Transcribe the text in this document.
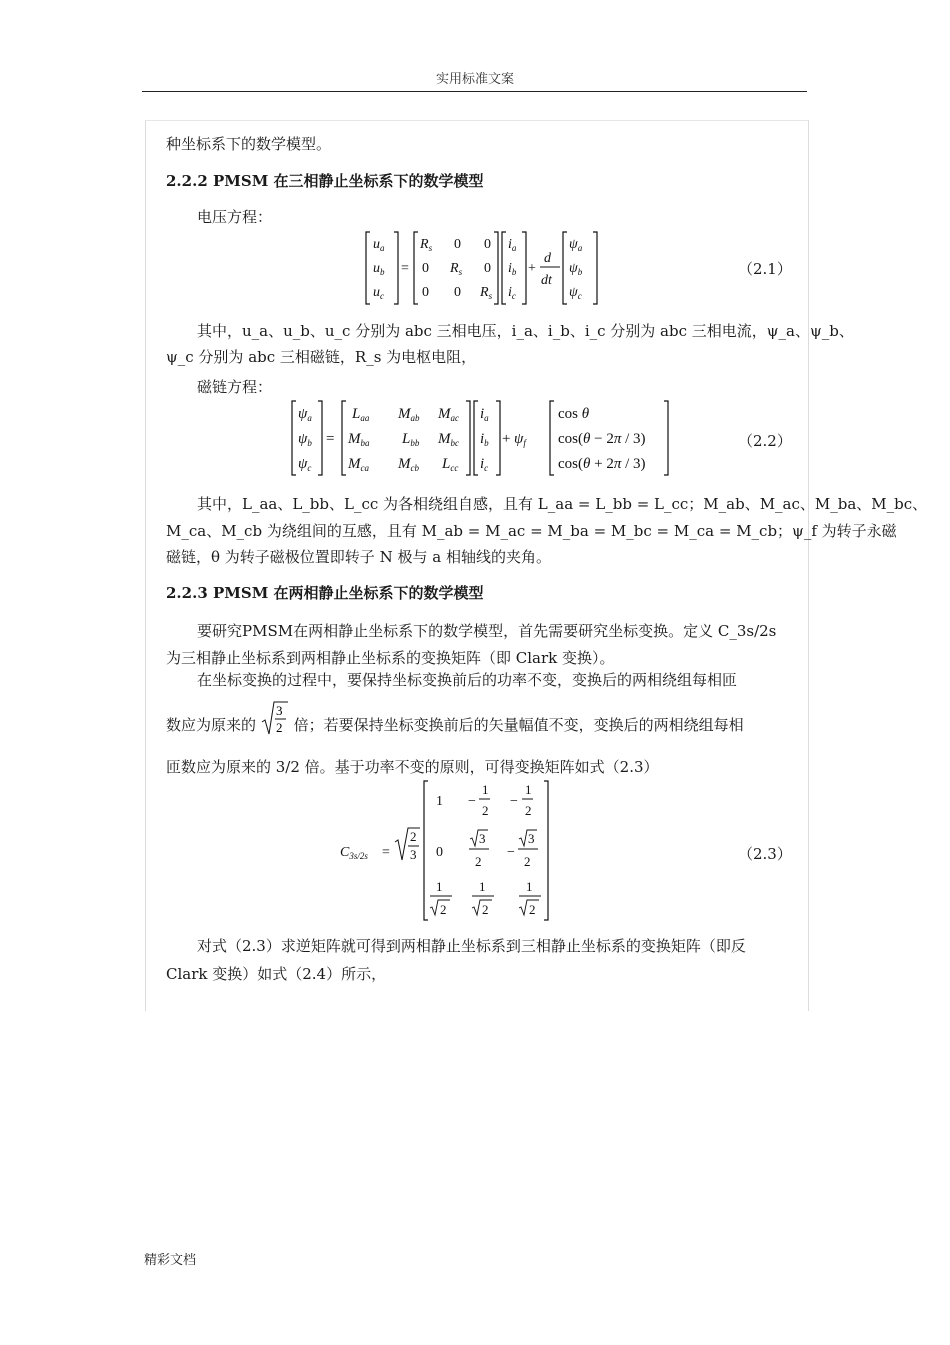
实用标准文案
种坐标系下的数学模型。
2.2.2 PMSM 在三相静止坐标系下的数学模型
电压方程：
$u_a$
$u_b$
$u_c$
=
$R_s$ 0 0
0 $R_s$ 0
0 0 $R_s$
$i_a$
$i_b$
$i_c$
+
d
dt
$\psi_a$
$\psi_b$
$\psi_c$
（2.1）
其中，u_a、u_b、u_c 分别为 abc 三相电压，i_a、i_b、i_c 分别为 abc 三相电流，ψ_a、ψ_b、
ψ_c 分别为 abc 三相磁链，R_s 为电枢电阻，
磁链方程：
$\psi_a$
$\psi_b$
$\psi_c$
=
$L_{aa}$ $M_{ab}$ $M_{ac}$
$M_{ba}$ $L_{bb}$ $M_{bc}$
$M_{ca}$ $M_{cb}$ $L_{cc}$
$i_a$
$i_b$
$i_c$
+ $\psi_f$
cos θ
cos(θ − 2π / 3)
cos(θ + 2π / 3)
（2.2）
其中，L_aa、L_bb、L_cc 为各相绕组自感，且有 L_aa = L_bb = L_cc；M_ab、M_ac、M_ba、M_bc、
M_ca、M_cb 为绕组间的互感，且有 M_ab = M_ac = M_ba = M_bc = M_ca = M_cb；ψ_f 为转子永磁
磁链，θ 为转子磁极位置即转子 N 极与 a 相轴线的夹角。
2.2.3 PMSM 在两相静止坐标系下的数学模型
要研究PMSM在两相静止坐标系下的数学模型，首先需要研究坐标变换。定义 C_3s/2s
为三相静止坐标系到两相静止坐标系的变换矩阵（即 Clark 变换）。
在坐标变换的过程中，要保持坐标变换前后的功率不变，变换后的两相绕组每相匝
数应为原来的
3
2 倍；若要保持坐标变换前后的矢量幅值不变，变换后的两相绕组每相
匝数应为原来的 3/2 倍。基于功率不变的原则，可得变换矩阵如式（2.3）
$C_{3s/2s}$ =
2
3
1 −
1
2
−
1
2
0
3
2
−
3
2
1
2
1
2
1
2
（2.3）
对式（2.3）求逆矩阵就可得到两相静止坐标系到三相静止坐标系的变换矩阵（即反
Clark 变换）如式（2.4）所示，
精彩文档
